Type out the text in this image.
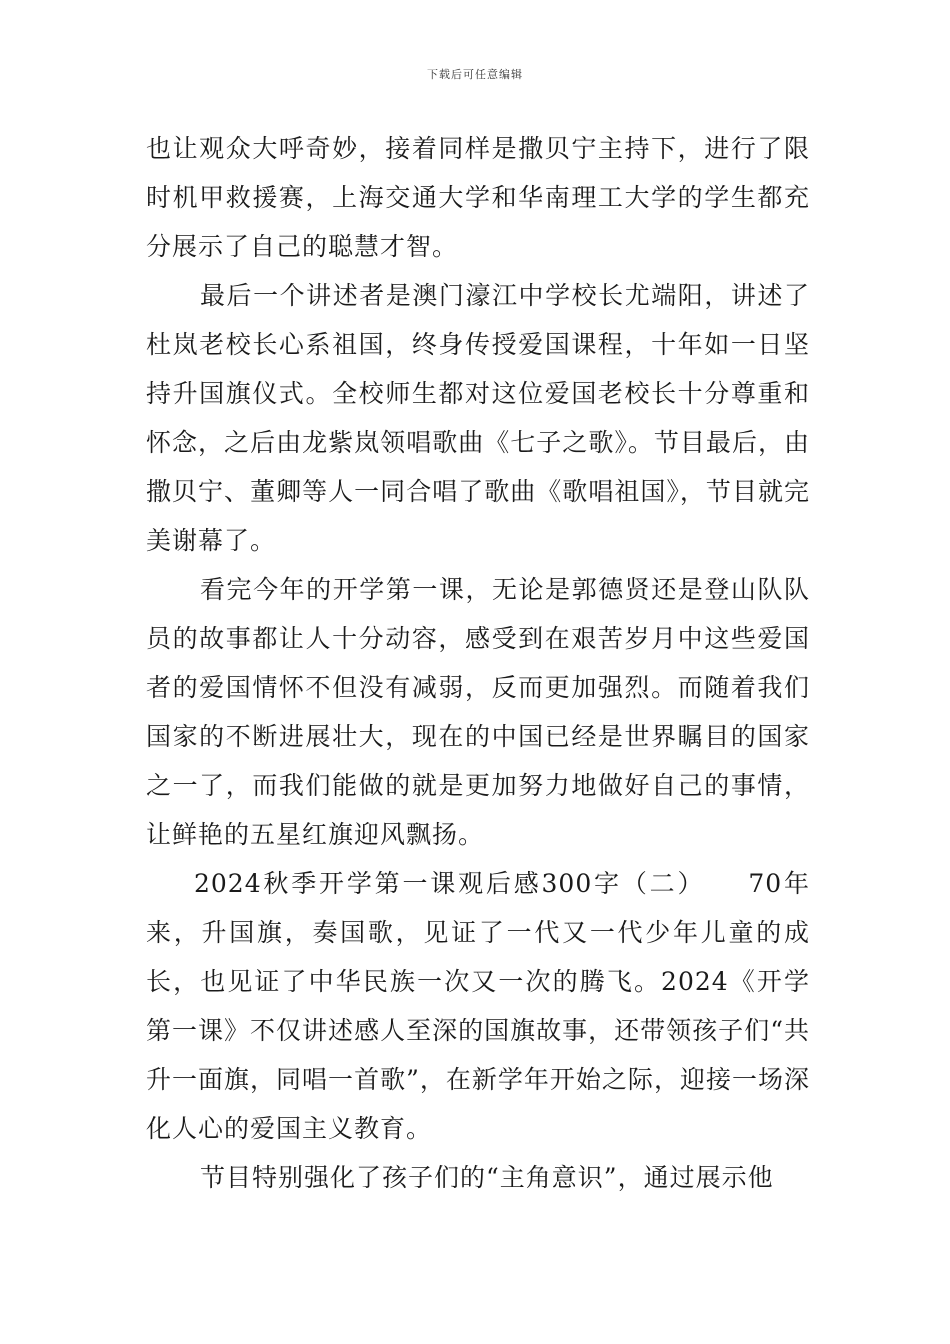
下载后可任意编辑

也让观众大呼奇妙，接着同样是撒贝宁主持下，进行了限时机甲救援赛，上海交通大学和华南理工大学的学生都充分展示了自己的聪慧才智。

最后一个讲述者是澳门濠江中学校长尤端阳，讲述了杜岚老校长心系祖国，终身传授爱国课程，十年如一日坚持升国旗仪式。全校师生都对这位爱国老校长十分尊重和怀念，之后由龙紫岚领唱歌曲《七子之歌》。节目最后，由撒贝宁、董卿等人一同合唱了歌曲《歌唱祖国》，节目就完美谢幕了。

看完今年的开学第一课，无论是郭德贤还是登山队队员的故事都让人十分动容，感受到在艰苦岁月中这些爱国者的爱国情怀不但没有减弱，反而更加强烈。而随着我们国家的不断进展壮大，现在的中国已经是世界瞩目的国家之一了，而我们能做的就是更加努力地做好自己的事情，让鲜艳的五星红旗迎风飘扬。

2024秋季开学第一课观后感300字（二）　　70年来，升国旗，奏国歌，见证了一代又一代少年儿童的成长，也见证了中华民族一次又一次的腾飞。2024《开学第一课》不仅讲述感人至深的国旗故事，还带领孩子们“共升一面旗，同唱一首歌”，在新学年开始之际，迎接一场深化人心的爱国主义教育。

节目特别强化了孩子们的“主角意识”，通过展示他
